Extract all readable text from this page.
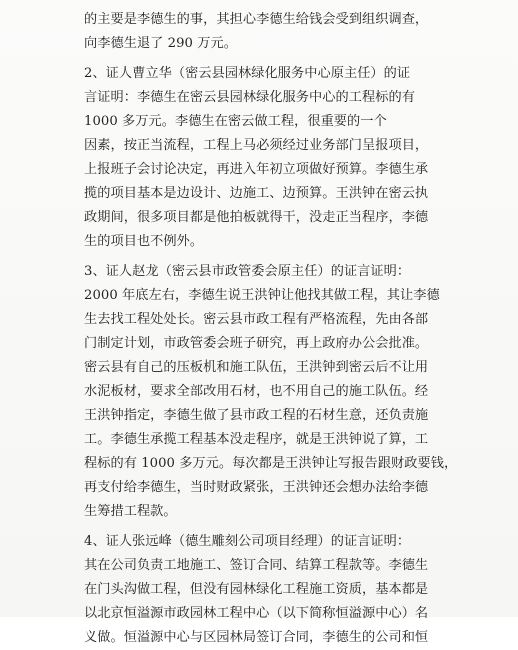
的主要是李德生的事，其担心李德生给钱会受到组织调查，
向李德生退了 290 万元。
2、证人曹立华（密云县园林绿化服务中心原主任）的证
言证明：李德生在密云县园林绿化服务中心的工程标的有
1000 多万元。李德生在密云做工程，很重要的一个
因素，按正当流程，工程上马必须经过业务部门呈报项目，
上报班子会讨论决定，再进入年初立项做好预算。李德生承
揽的项目基本是边设计、边施工、边预算。王洪钟在密云执
政期间，很多项目都是他拍板就得干，没走正当程序，李德
生的项目也不例外。
3、证人赵龙（密云县市政管委会原主任）的证言证明：
2000 年底左右，李德生说王洪钟让他找其做工程，其让李德
生去找工程处处长。密云县市政工程有严格流程，先由各部
门制定计划，市政管委会班子研究，再上政府办公会批准。
密云县有自己的压板机和施工队伍，王洪钟到密云后不让用
水泥板材，要求全部改用石材，也不用自己的施工队伍。经
王洪钟指定，李德生做了县市政工程的石材生意，还负责施
工。李德生承揽工程基本没走程序，就是王洪钟说了算，工
程标的有 1000 多万元。每次都是王洪钟让写报告跟财政要钱，
再支付给李德生，当时财政紧张，王洪钟还会想办法给李德
生筹措工程款。
4、证人张远峰（德生雕刻公司项目经理）的证言证明：
其在公司负责工地施工、签订合同、结算工程款等。李德生
在门头沟做工程，但没有园林绿化工程施工资质，基本都是
以北京恒溢源市政园林工程中心（以下简称恒溢源中心）名
义做。恒溢源中心与区园林局签订合同，李德生的公司和恒
